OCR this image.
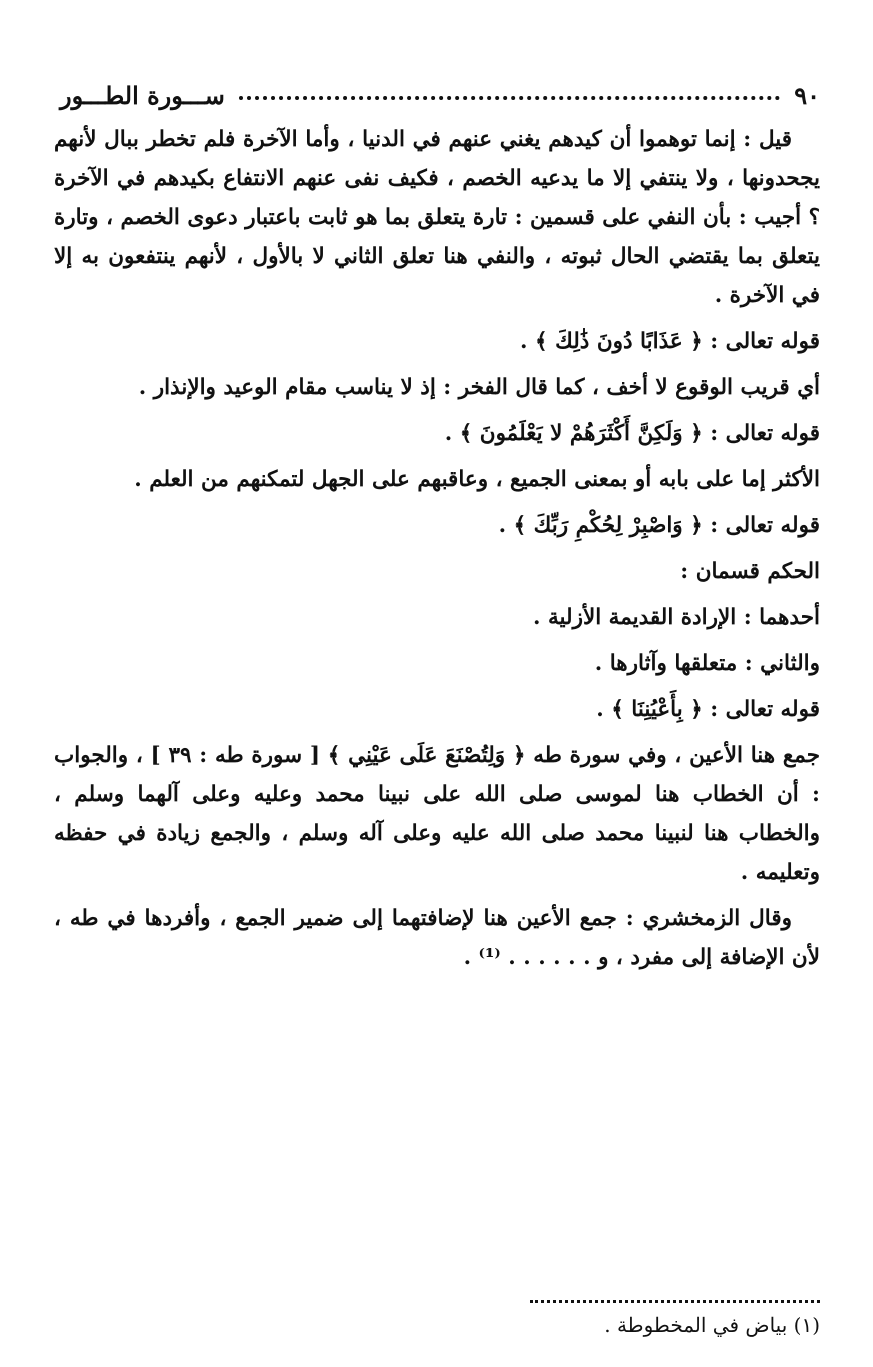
٩٠
ســـورة الطـــور

قيل : إنما توهموا أن كيدهم يغني عنهم في الدنيا ، وأما الآخرة فلم تخطر ببال لأنهم يجحدونها ، ولا ينتفي إلا ما يدعيه الخصم ، فكيف نفى عنهم الانتفاع بكيدهم في الآخرة ؟ أجيب : بأن النفي على قسمين : تارة يتعلق بما هو ثابت باعتبار دعوى الخصم ، وتارة يتعلق بما يقتضي الحال ثبوته ، والنفي هنا تعلق الثاني لا بالأول ، لأنهم ينتفعون به إلا في الآخرة .

قوله تعالى : ﴿ عَذَابًا دُونَ ذَٰلِكَ ﴾ .

أي قريب الوقوع لا أخف ، كما قال الفخر : إذ لا يناسب مقام الوعيد والإنذار .

قوله تعالى : ﴿ وَلَكِنَّ أَكْثَرَهُمْ لا يَعْلَمُونَ ﴾ .

الأكثر إما على بابه أو بمعنى الجميع ، وعاقبهم على الجهل لتمكنهم من العلم .

قوله تعالى : ﴿ وَاصْبِرْ لِحُكْمِ رَبِّكَ ﴾ .

الحكم قسمان :

أحدهما : الإرادة القديمة الأزلية .

والثاني : متعلقها وآثارها .

قوله تعالى : ﴿ بِأَعْيُنِنَا ﴾ .

جمع هنا الأعين ، وفي سورة طه ﴿ وَلِتُصْنَعَ عَلَى عَيْنِي ﴾ [ سورة طه : ٣٩ ] ، والجواب : أن الخطاب هنا لموسى صلى الله على نبينا محمد وعليه وعلى آلهما وسلم ، والخطاب هنا لنبينا محمد صلى الله عليه وعلى آله وسلم ، والجمع زيادة في حفظه وتعليمه .

وقال الزمخشري : جمع الأعين هنا لإضافتهما إلى ضمير الجمع ، وأفردها في طه ، لأن الإضافة إلى مفرد ، و . . . . . . ⁽¹⁾ .

(١) بياض في المخطوطة .
